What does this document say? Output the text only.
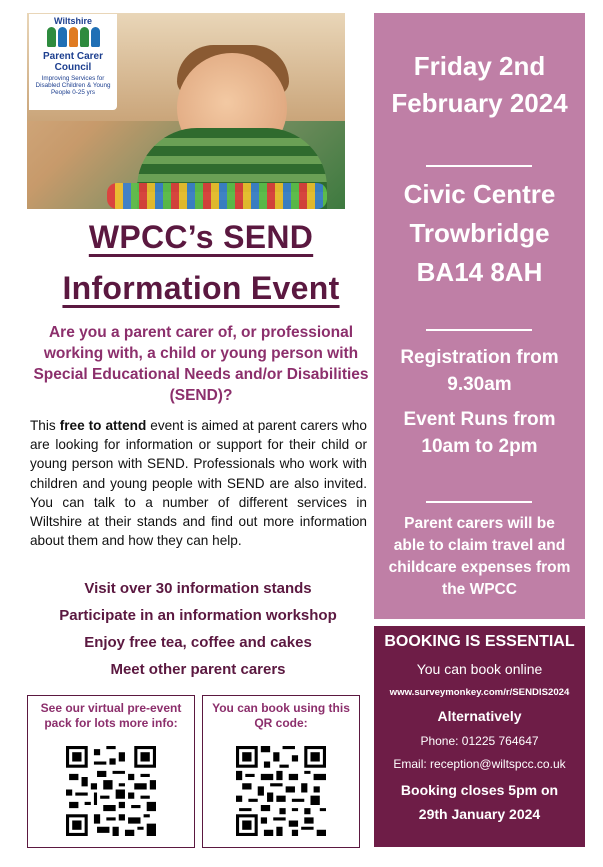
Wiltshire
Parent Carer Council
Improving Services for Disabled Children & Young People 0-25 yrs
WPCC’s SEND
Information Event
Are you a parent carer of, or professional working with, a child or young person with Special Educational Needs and/or Disabilities (SEND)?
This free to attend event is aimed at parent carers who are looking for information or support for their child or young person with SEND. Professionals who work with children and young people with SEND are also invited. You can talk to a number of different services in Wiltshire at their stands and find out more information about them and how they can help.
Visit over 30 information stands
Participate in an information workshop
Enjoy free tea, coffee and cakes
Meet other parent carers
See our virtual pre-event pack for lots more info:
You can book using this QR code:
Friday 2nd
February 2024
Civic Centre
Trowbridge
BA14 8AH
Registration from
9.30am
Event Runs from
10am to 2pm
Parent carers will be
able to claim travel and
childcare expenses from
the WPCC
BOOKING IS ESSENTIAL
You can book online
www.surveymonkey.com/r/SENDIS2024
Alternatively
Phone: 01225 764647
Email: reception@wiltspcc.co.uk
Booking closes 5pm on
29th January 2024
